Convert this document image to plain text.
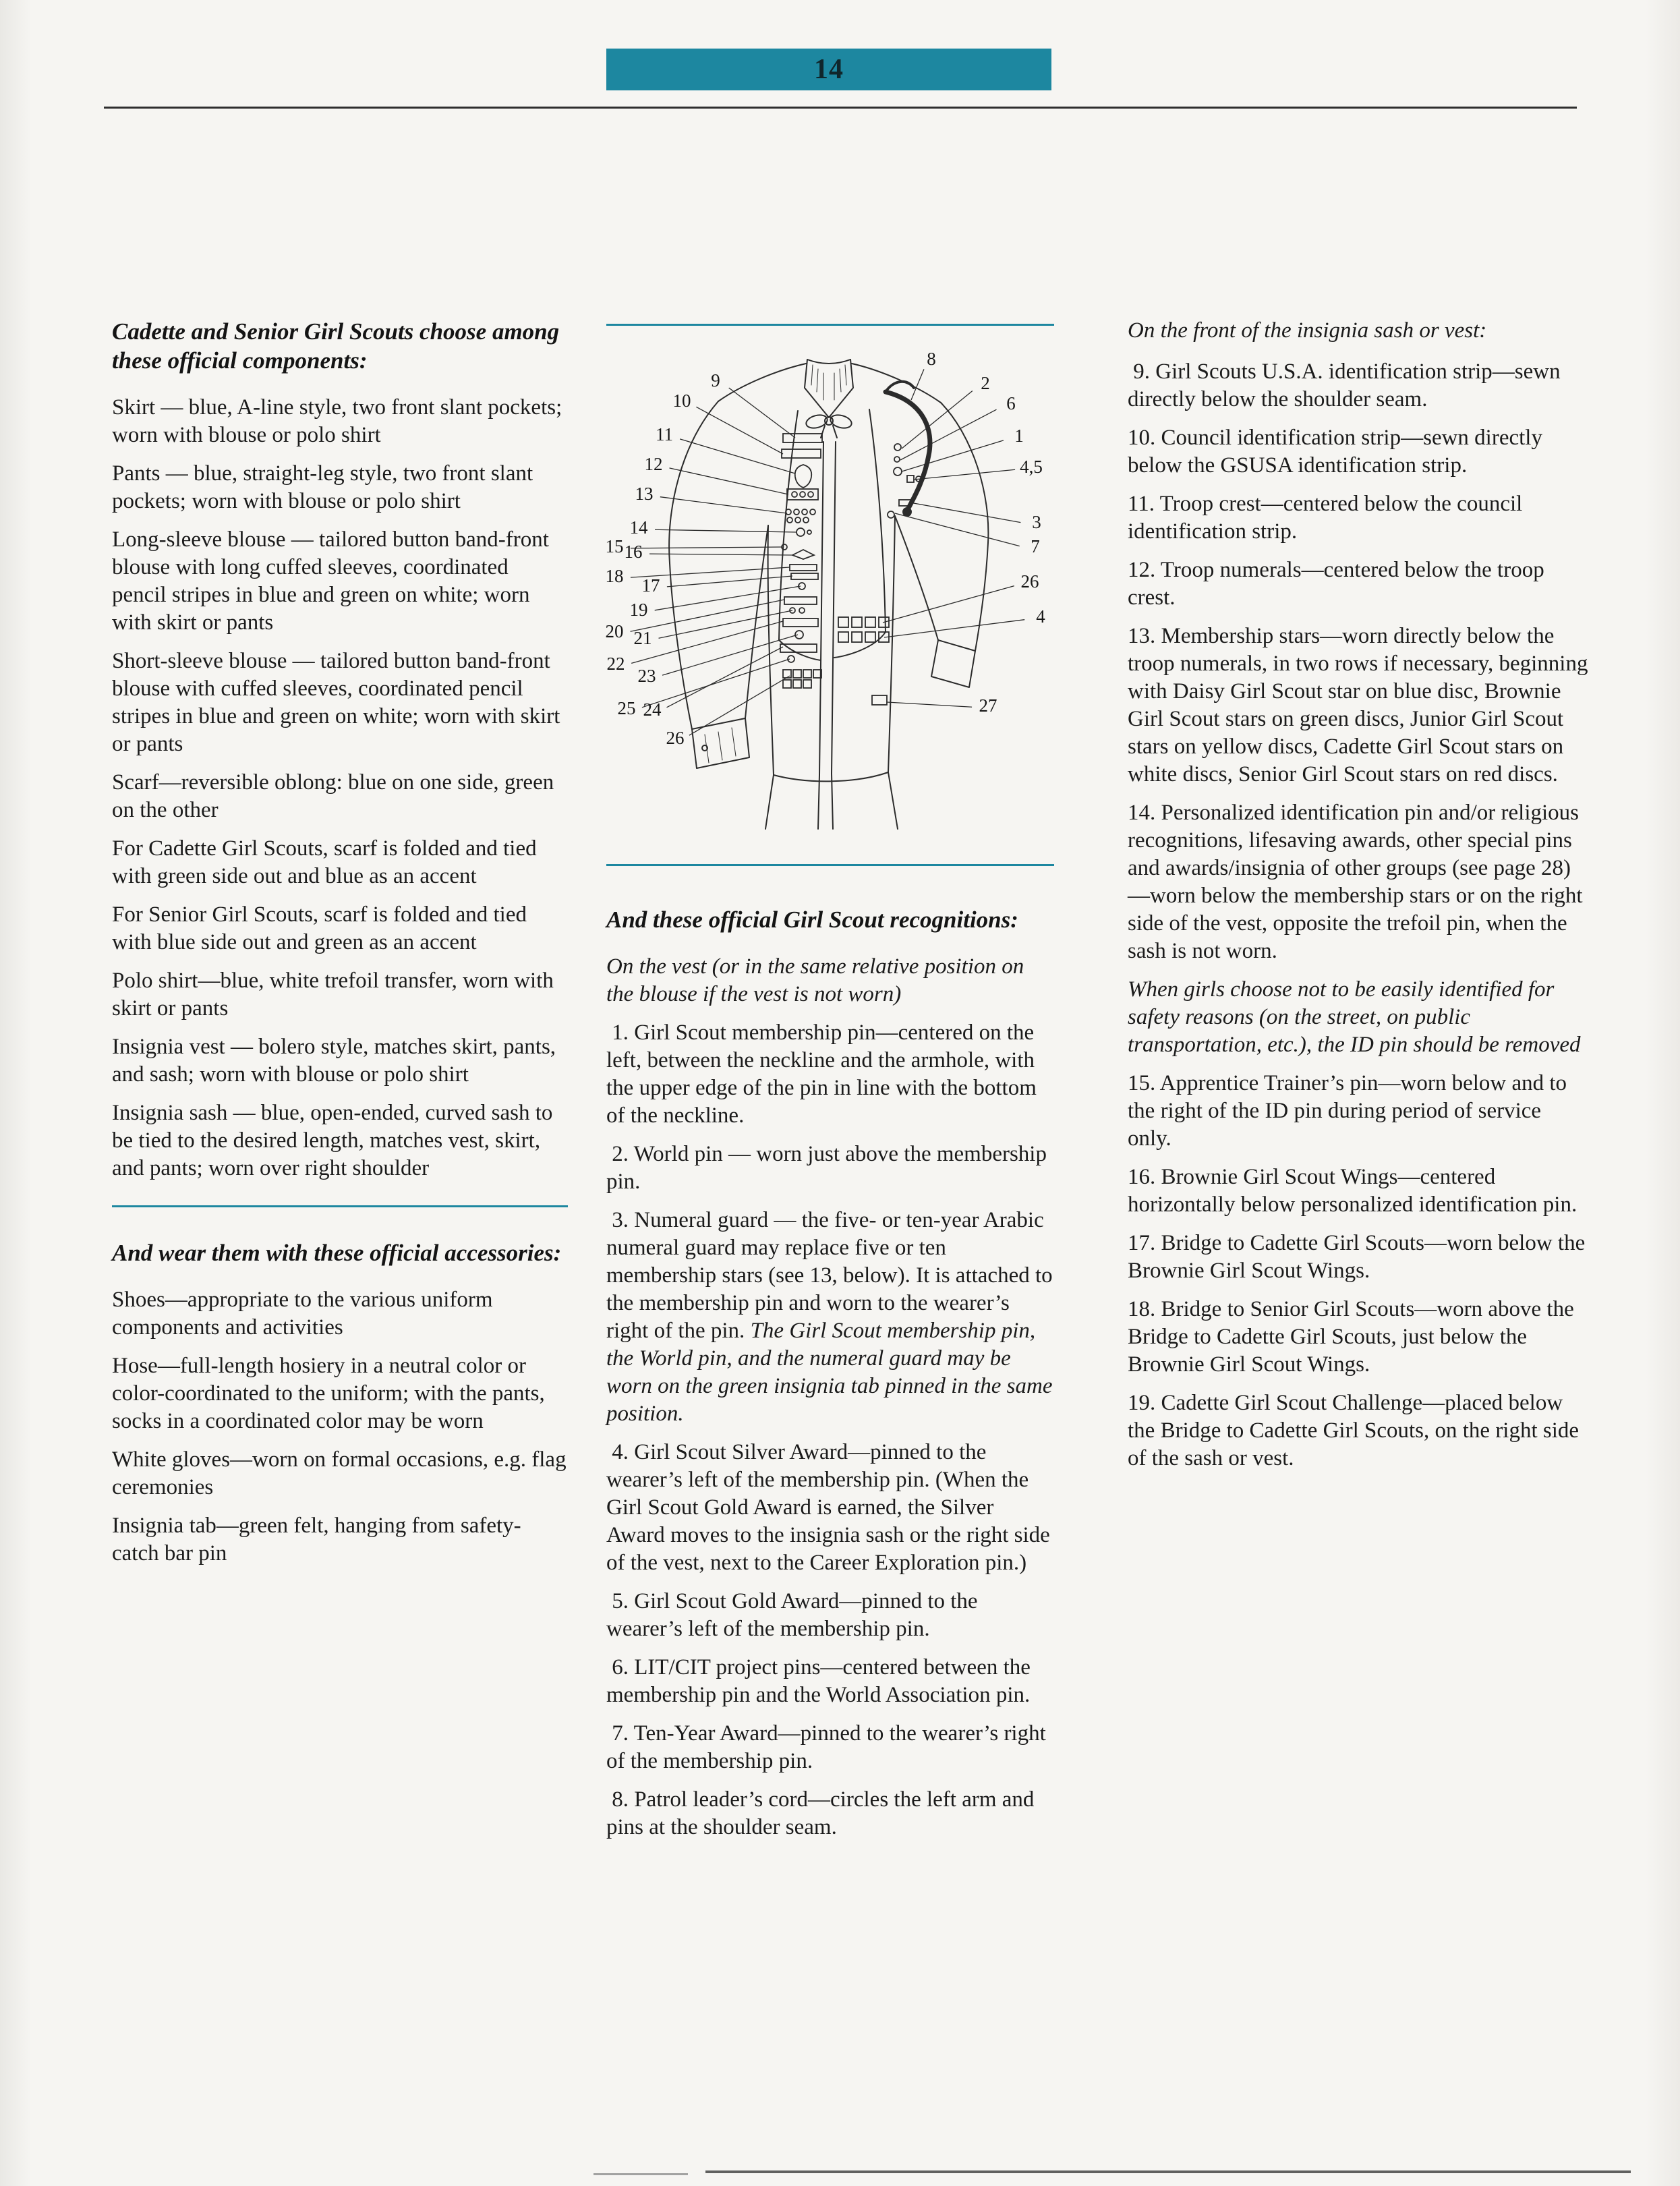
14
Cadette and Senior Girl Scouts choose among these official components:

Skirt — blue, A-line style, two front slant pockets; worn with blouse or polo shirt

Pants — blue, straight-leg style, two front slant pockets; worn with blouse or polo shirt

Long-sleeve blouse — tailored button band-front blouse with long cuffed sleeves, coordinated pencil stripes in blue and green on white; worn with skirt or pants

Short-sleeve blouse — tailored button band-front blouse with cuffed sleeves, coordinated pencil stripes in blue and green on white; worn with skirt or pants

Scarf—reversible oblong: blue on one side, green on the other

For Cadette Girl Scouts, scarf is folded and tied with green side out and blue as an accent

For Senior Girl Scouts, scarf is folded and tied with blue side out and green as an accent

Polo shirt—blue, white trefoil transfer, worn with skirt or pants

Insignia vest — bolero style, matches skirt, pants, and sash; worn with blouse or polo shirt

Insignia sash — blue, open-ended, curved sash to be tied to the desired length, matches vest, skirt, and pants; worn over right shoulder

And wear them with these official accessories:

Shoes—appropriate to the various uniform components and activities

Hose—full-length hosiery in a neutral color or color-coordinated to the uniform; with the pants, socks in a coordinated color may be worn

White gloves—worn on formal occasions, e.g. flag ceremonies

Insignia tab—green felt, hanging from safety-catch bar pin

9
10
11
12
13
14
15 16
18 17
19
20 21
22
23
25 24
26
8
2
6
1
4,5
3
7
26
4
27
And these official Girl Scout recognitions:

On the vest (or in the same relative position on the blouse if the vest is not worn)

1. Girl Scout membership pin—centered on the left, between the neckline and the armhole, with the upper edge of the pin in line with the bottom of the neckline.

2. World pin — worn just above the membership pin.

3. Numeral guard — the five- or ten-year Arabic numeral guard may replace five or ten membership stars (see 13, below). It is attached to the membership pin and worn to the wearer’s right of the pin. The Girl Scout membership pin, the World pin, and the numeral guard may be worn on the green insignia tab pinned in the same position.

4. Girl Scout Silver Award—pinned to the wearer’s left of the membership pin. (When the Girl Scout Gold Award is earned, the Silver Award moves to the insignia sash or the right side of the vest, next to the Career Exploration pin.)

5. Girl Scout Gold Award—pinned to the wearer’s left of the membership pin.

6. LIT/CIT project pins—centered between the membership pin and the World Association pin.

7. Ten-Year Award—pinned to the wearer’s right of the membership pin.

8. Patrol leader’s cord—circles the left arm and pins at the shoulder seam.

On the front of the insignia sash or vest:

9. Girl Scouts U.S.A. identification strip—sewn directly below the shoulder seam.

10. Council identification strip—sewn directly below the GSUSA identification strip.

11. Troop crest—centered below the council identification strip.

12. Troop numerals—centered below the troop crest.

13. Membership stars—worn directly below the troop numerals, in two rows if necessary, beginning with Daisy Girl Scout star on blue disc, Brownie Girl Scout stars on green discs, Junior Girl Scout stars on yellow discs, Cadette Girl Scout stars on white discs, Senior Girl Scout stars on red discs.

14. Personalized identification pin and/or religious recognitions, lifesaving awards, other special pins and awards/insignia of other groups (see page 28)—worn below the membership stars or on the right side of the vest, opposite the trefoil pin, when the sash is not worn.

When girls choose not to be easily identified for safety reasons (on the street, on public transportation, etc.), the ID pin should be removed

15. Apprentice Trainer’s pin—worn below and to the right of the ID pin during period of service only.

16. Brownie Girl Scout Wings—centered horizontally below personalized identification pin.

17. Bridge to Cadette Girl Scouts—worn below the Brownie Girl Scout Wings.

18. Bridge to Senior Girl Scouts—worn above the Bridge to Cadette Girl Scouts, just below the Brownie Girl Scout Wings.

19. Cadette Girl Scout Challenge—placed below the Bridge to Cadette Girl Scouts, on the right side of the sash or vest.
